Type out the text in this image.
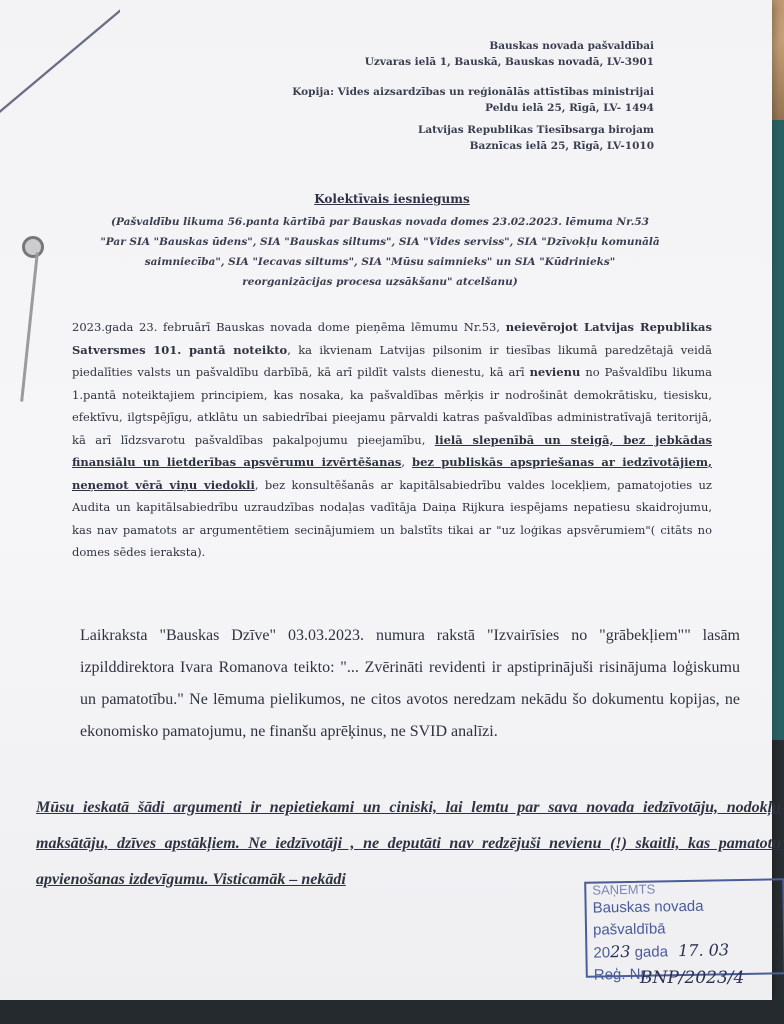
Bauskas novada pašvaldībai
Uzvaras ielā 1, Bauskā, Bauskas novadā, LV-3901
Kopija: Vides aizsardzības un reģionālās attīstības ministrijai
Peldu ielā 25, Rīgā, LV- 1494
Latvijas Republikas Tiesībsarga birojam
Baznīcas ielā 25, Rīgā, LV-1010
Kolektīvais iesniegums
(Pašvaldību likuma 56.panta kārtībā par Bauskas novada domes 23.02.2023. lēmuma Nr.53 "Par SIA "Bauskas ūdens", SIA "Bauskas siltums", SIA "Vides serviss", SIA "Dzīvokļu komunālā saimniecība", SIA "Iecavas siltums", SIA "Mūsu saimnieks" un SIA "Kūdrinieks" reorganizācijas procesa uzsākšanu" atcelšanu)
2023.gada 23. februārī Bauskas novada dome pieņēma lēmumu Nr.53, neievērojot Latvijas Republikas Satversmes 101. pantā noteikto, ka ikvienam Latvijas pilsonim ir tiesības likumā paredzētajā veidā piedalīties valsts un pašvaldību darbībā, kā arī pildīt valsts dienestu, kā arī nevienu no Pašvaldību likuma 1.pantā noteiktajiem principiem, kas nosaka, ka pašvaldības mērķis ir nodrošināt demokrātisku, tiesisku, efektīvu, ilgtspējīgu, atklātu un sabiedrībai pieejamu pārvaldi katras pašvaldības administratīvajā teritorijā, kā arī līdzsvarotu pašvaldības pakalpojumu pieejamību, lielā slepenībā un steigā, bez jebkādas finansiālu un lietderības apsvērumu izvērtēšanas, bez publiskās apspriešanas ar iedzīvotājiem, neņemot vērā viņu viedokli, bez konsultēšanās ar kapitālsabiedrību valdes locekļiem, pamatojoties uz Audita un kapitālsabiedrību uzraudzības nodaļas vadītāja Daiņa Rijkura iespējams nepatiesu skaidrojumu, kas nav pamatots ar argumentētiem secinājumiem un balstīts tikai ar "uz loģikas apsvērumiem"( citāts no domes sēdes ieraksta).
Laikraksta "Bauskas Dzīve" 03.03.2023. numura rakstā "Izvairīsies no "grābekļiem"" lasām izpilddirektora Ivara Romanova teikto: "... Zvērināti revidenti ir apstiprinājuši risinājuma loģiskumu un pamatotību." Ne lēmuma pielikumos, ne citos avotos neredzam nekādu šo dokumentu kopijas, ne ekonomisko pamatojumu, ne finanšu aprēķinus, ne SVID analīzi.
Mūsu ieskatā šādi argumenti ir nepietiekami un ciniski, lai lemtu par sava novada iedzīvotāju, nodokļu maksātāju, dzīves apstākļiem. Ne iedzīvotāji , ne deputāti nav redzējuši nevienu (!) skaitli, kas pamatotu apvienošanas izdevīgumu. Visticamāk – nekādi
SAŅEMTS
Bauskas novada pašvaldībā
2023 gada 17. 03
Reģ. Nr.
BNP/2023/4
